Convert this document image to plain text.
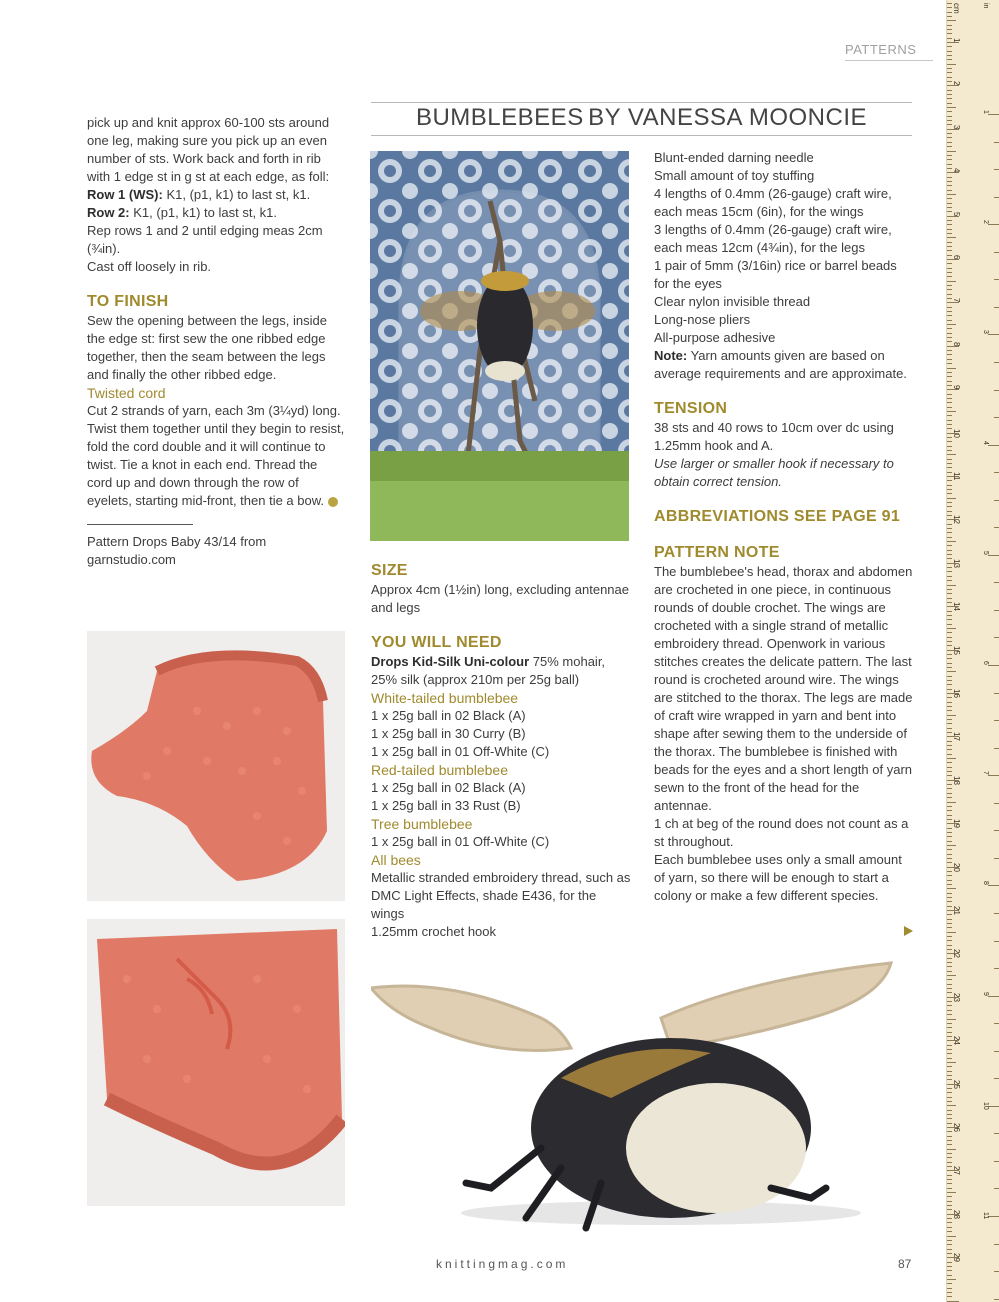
PATTERNS
BUMBLEBEES BY VANESSA MOONCIE

pick up and knit approx 60-100 sts around one leg, making sure you pick up an even number of sts. Work back and forth in rib with 1 edge st in g st at each edge, as foll:

Row 1 (WS): K1, (p1, k1) to last st, k1.

Row 2: K1, (p1, k1) to last st, k1.

Rep rows 1 and 2 until edging meas 2cm (¾in).

Cast off loosely in rib.

TO FINISH

Sew the opening between the legs, inside the edge st: first sew the one ribbed edge together, then the seam between the legs and finally the other ribbed edge.

Twisted cord

Cut 2 strands of yarn, each 3m (3¼yd) long. Twist them together until they begin to resist, fold the cord double and it will continue to twist. Tie a knot in each end. Thread the cord up and down through the row of eyelets, starting mid-front, then tie a bow.

Pattern Drops Baby 43/14 from garnstudio.com

SIZE

Approx 4cm (1½in) long, excluding antennae and legs

YOU WILL NEED

Drops Kid-Silk Uni-colour 75% mohair, 25% silk (approx 210m per 25g ball)

White-tailed bumblebee

1 x 25g ball in 02 Black (A)

1 x 25g ball in 30 Curry (B)

1 x 25g ball in 01 Off-White (C)

Red-tailed bumblebee

1 x 25g ball in 02 Black (A)

1 x 25g ball in 33 Rust (B)

Tree bumblebee

1 x 25g ball in 01 Off-White (C)

All bees

Metallic stranded embroidery thread, such as DMC Light Effects, shade E436, for the wings

1.25mm crochet hook

Blunt-ended darning needle

Small amount of toy stuffing

4 lengths of 0.4mm (26-gauge) craft wire, each meas 15cm (6in), for the wings

3 lengths of 0.4mm (26-gauge) craft wire, each meas 12cm (4¾in), for the legs

1 pair of 5mm (3/16in) rice or barrel beads for the eyes

Clear nylon invisible thread

Long-nose pliers

All-purpose adhesive

Note: Yarn amounts given are based on average requirements and are approximate.

TENSION

38 sts and 40 rows to 10cm over dc using 1.25mm hook and A.

Use larger or smaller hook if necessary to obtain correct tension.

ABBREVIATIONS SEE PAGE 91

PATTERN NOTE

The bumblebee's head, thorax and abdomen are crocheted in one piece, in continuous rounds of double crochet. The wings are crocheted with a single strand of metallic embroidery thread. Openwork in various stitches creates the delicate pattern. The last round is crocheted around wire. The wings are stitched to the thorax. The legs are made of craft wire wrapped in yarn and bent into shape after sewing them to the underside of the thorax. The bumblebee is finished with beads for the eyes and a short length of yarn sewn to the front of the head for the antennae.

1 ch at beg of the round does not count as a st throughout.

Each bumblebee uses only a small amount of yarn, so there will be enough to start a colony or make a few different species.

knittingmag.com	87
cm	in
1
2
3
4
5
6
7
8
9
10
11
12
13
14
15
16
17
18
19
20
21
22
23
24
25
26
27
28
29
1
2
3
4
5
6
7
8
9
10
11
